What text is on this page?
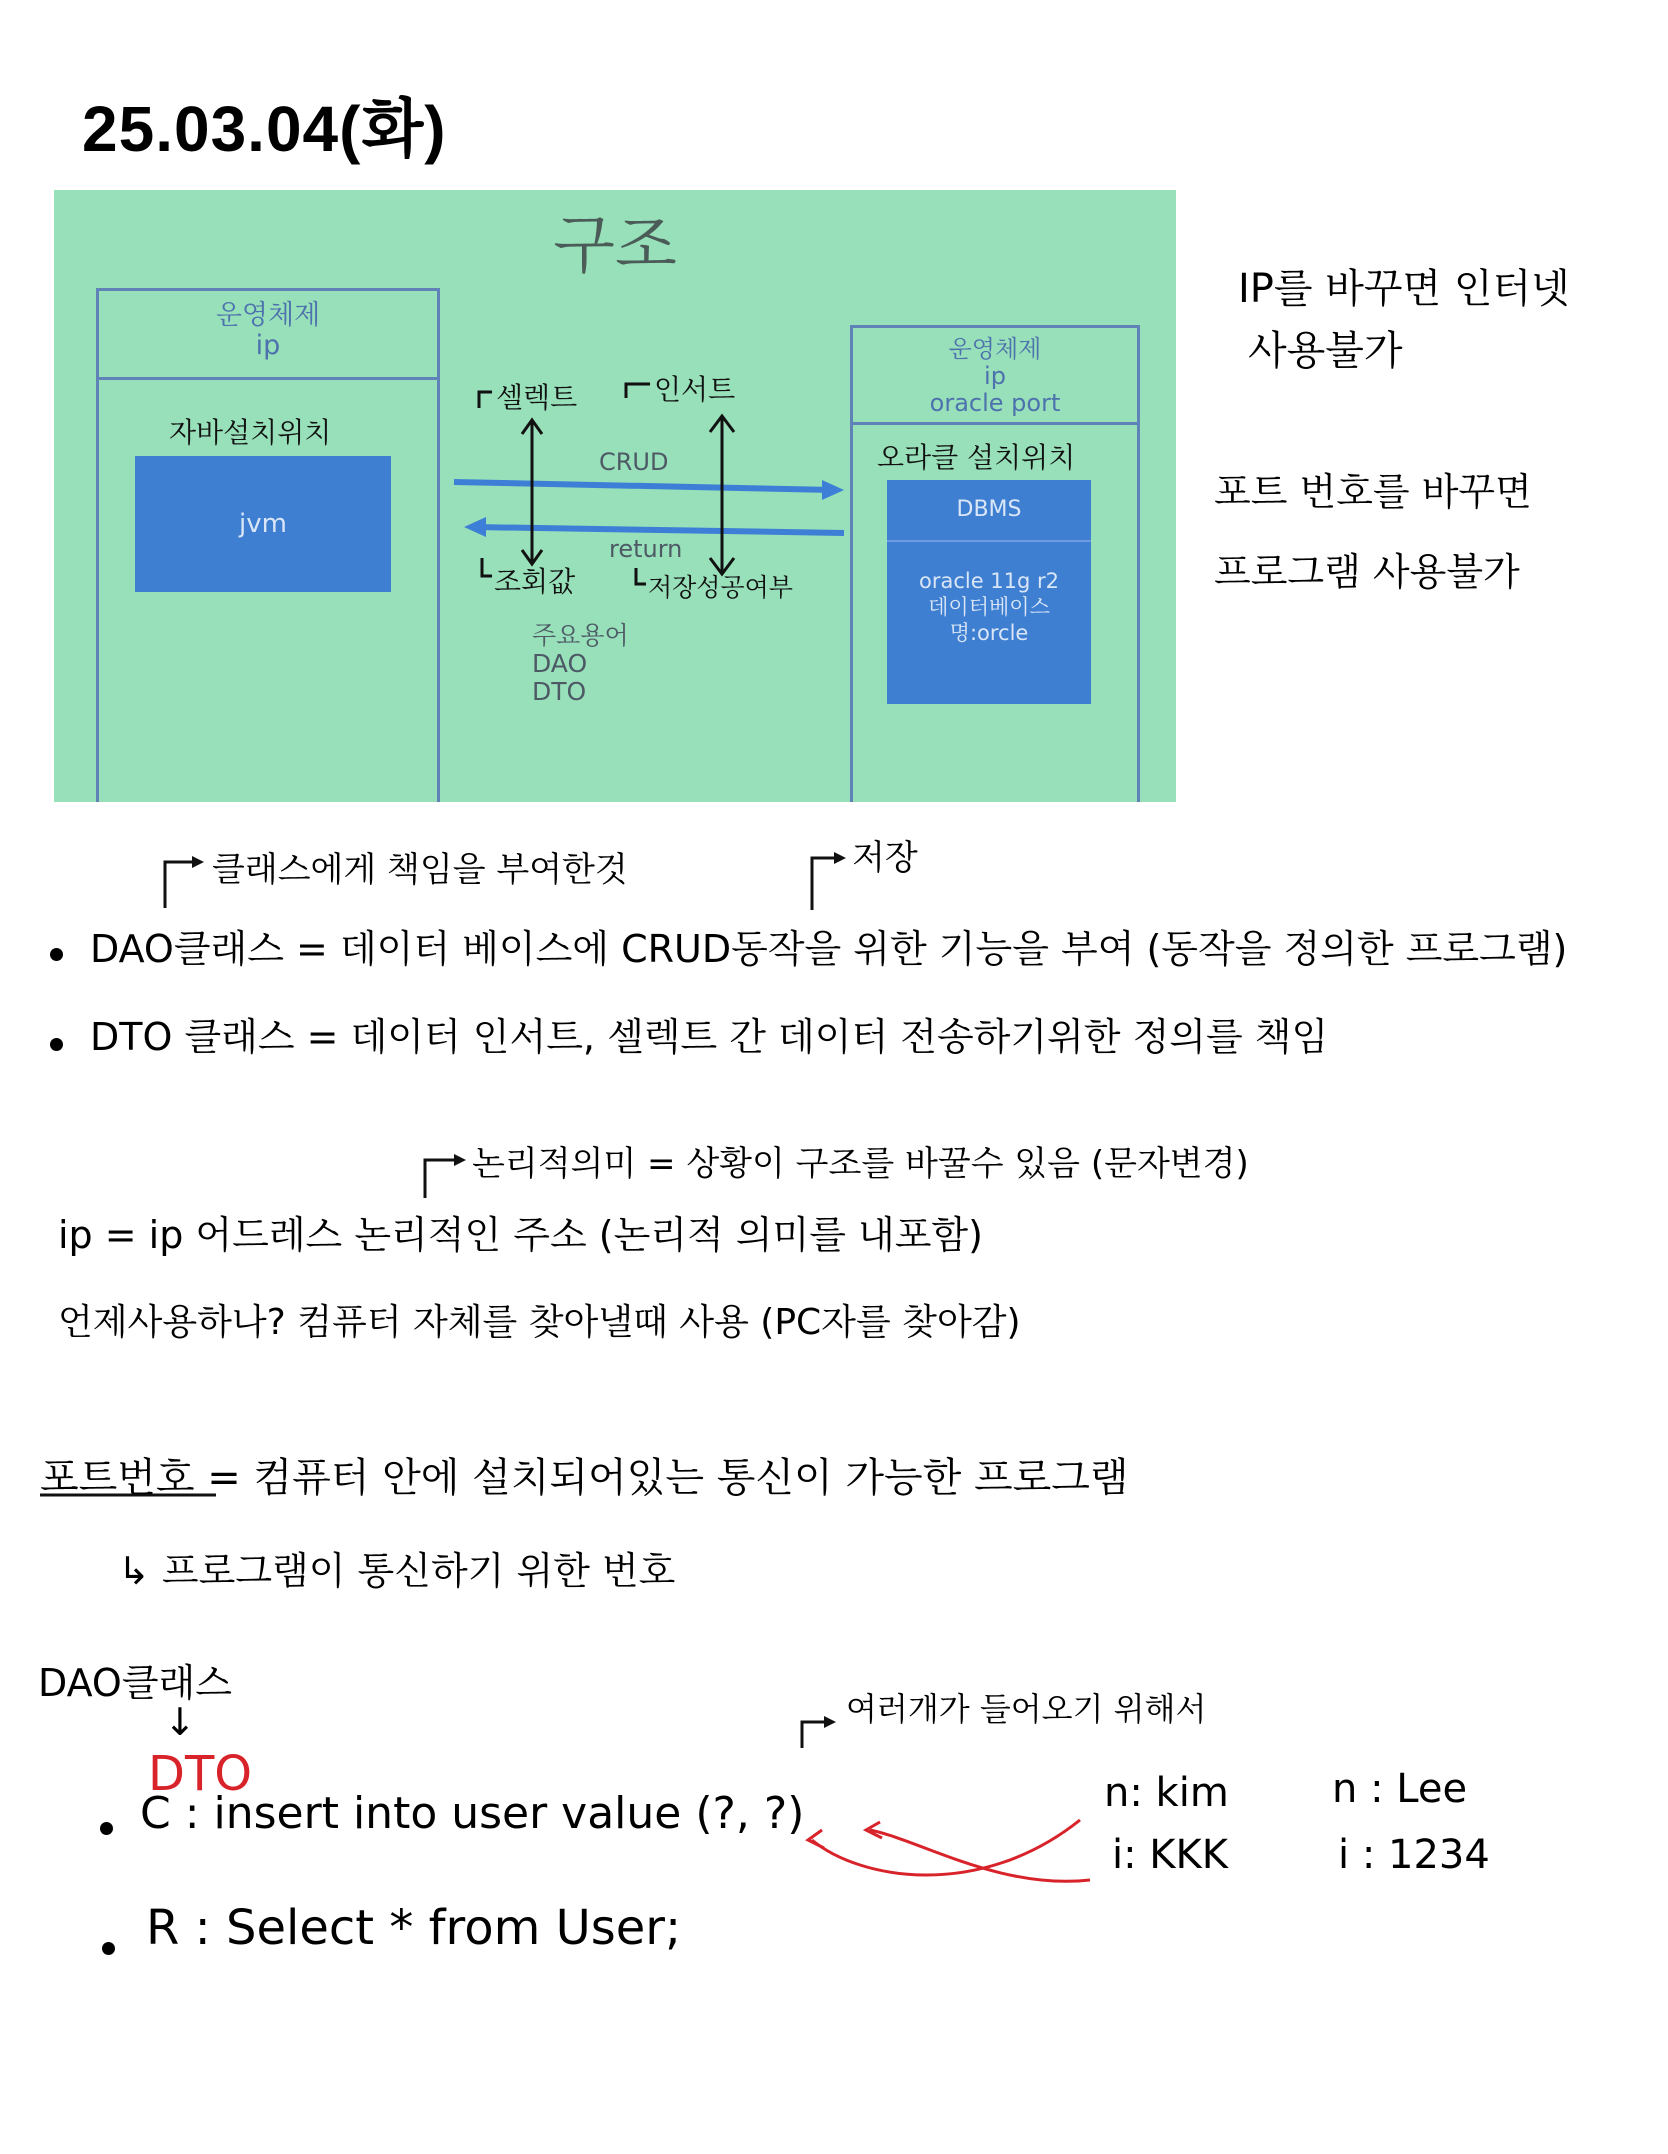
25.03.04(화)
구조
운영체제
ip
자바설치위치
jvm
운영체제
ip
oracle port
오라클 설치위치
DBMS
oracle 11g r2
데이터베이스
명:orcle
CRUD
return
주요용어
DAO
DTO
셀렉트	인서트
조회값	저장성공여부
IP를 바꾸면 인터넷
사용불가
포트 번호를 바꾸면
프로그램 사용불가
클래스에게 책임을 부여한것	저장
DAO클래스 = 데이터 베이스에 CRUD동작을 위한 기능을 부여 (동작을 정의한 프로그램)
DTO 클래스 = 데이터 인서트, 셀렉트 간 데이터 전송하기위한 정의를 책임
논리적의미 = 상황이 구조를 바꿀수 있음 (문자변경)
ip = ip 어드레스 논리적인 주소 (논리적 의미를 내포함)
언제사용하나? 컴퓨터 자체를 찾아낼때 사용 (PC자를 찾아감)
포트번호 = 컴퓨터 안에 설치되어있는 통신이 가능한 프로그램
↳ 프로그램이 통신하기 위한 번호
DAO클래스
↓
DTO
여러개가 들어오기 위해서
C : insert into user value (?, ?)
R : Select * from User;
n: kim
i: KKK
n : Lee
i : 1234
